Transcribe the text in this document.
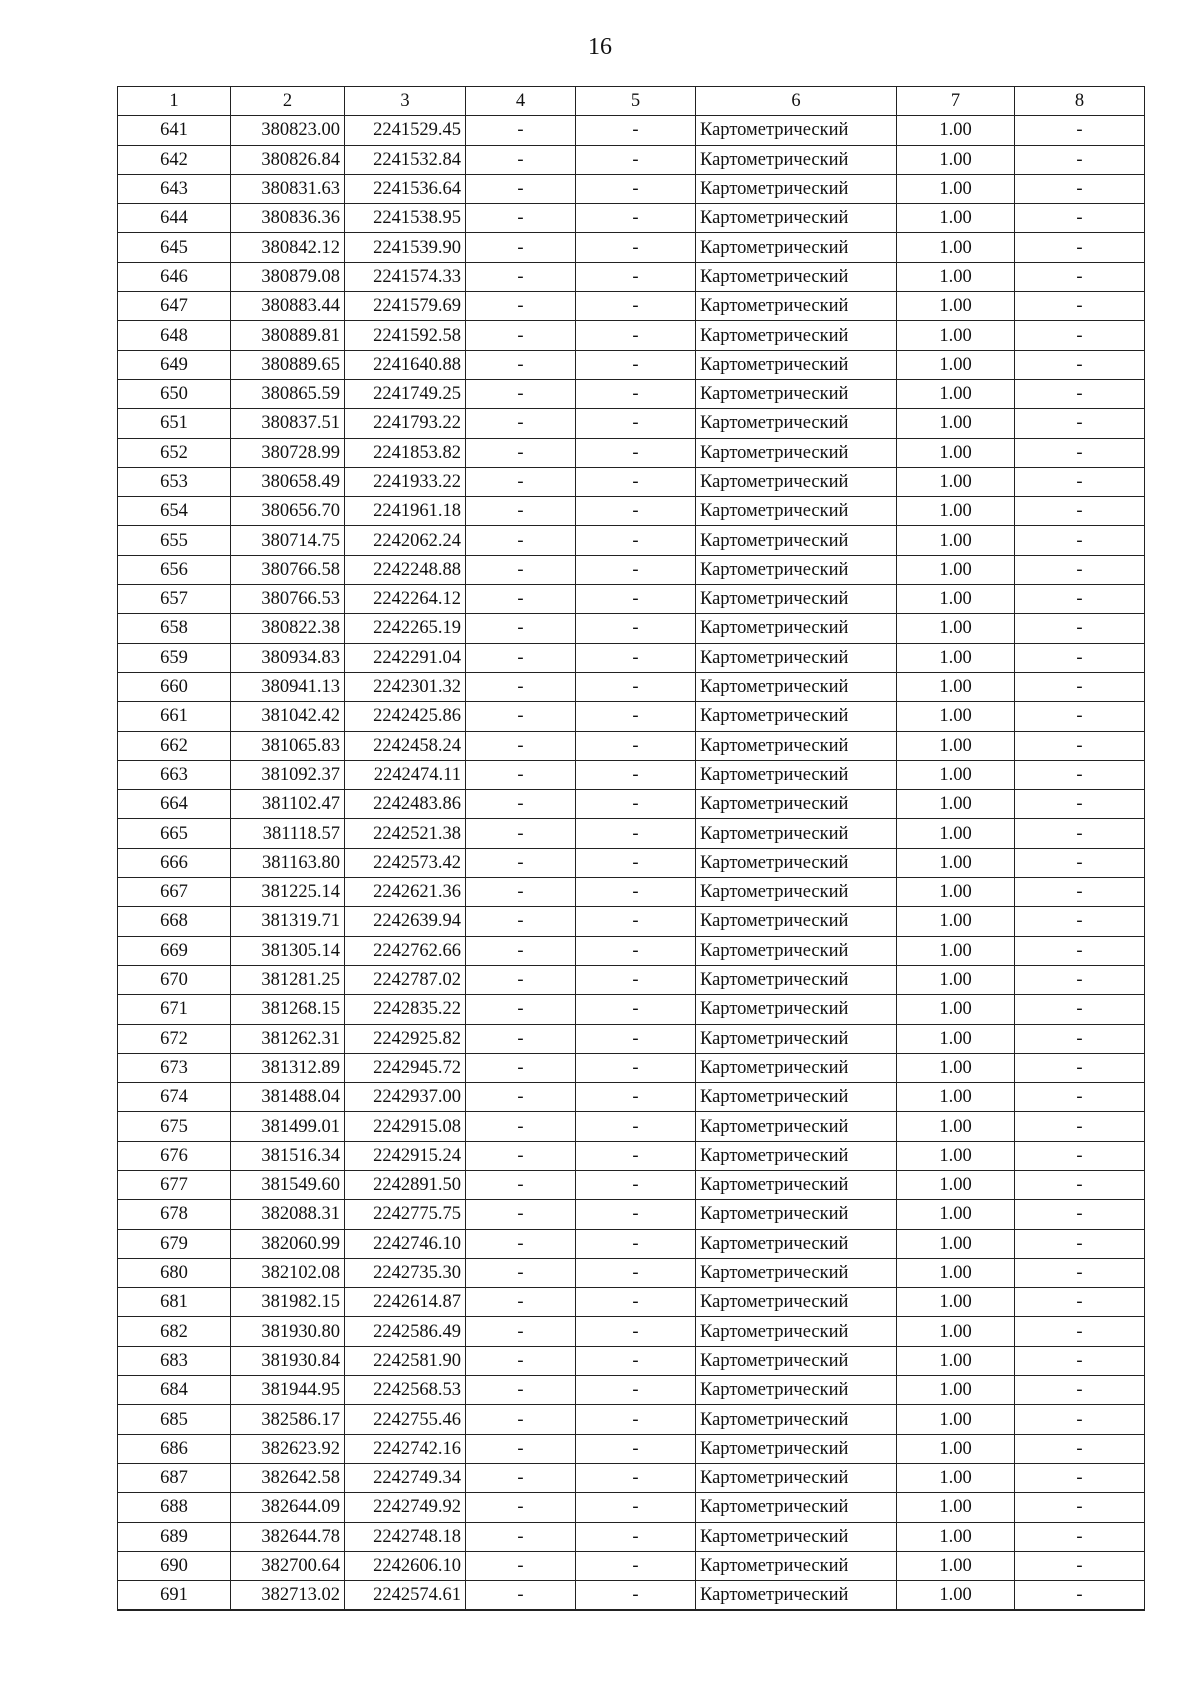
16
1	2	3	4	5	6	7	8
641	380823.00	2241529.45	-	-	Картометрический	1.00	-
642	380826.84	2241532.84	-	-	Картометрический	1.00	-
643	380831.63	2241536.64	-	-	Картометрический	1.00	-
644	380836.36	2241538.95	-	-	Картометрический	1.00	-
645	380842.12	2241539.90	-	-	Картометрический	1.00	-
646	380879.08	2241574.33	-	-	Картометрический	1.00	-
647	380883.44	2241579.69	-	-	Картометрический	1.00	-
648	380889.81	2241592.58	-	-	Картометрический	1.00	-
649	380889.65	2241640.88	-	-	Картометрический	1.00	-
650	380865.59	2241749.25	-	-	Картометрический	1.00	-
651	380837.51	2241793.22	-	-	Картометрический	1.00	-
652	380728.99	2241853.82	-	-	Картометрический	1.00	-
653	380658.49	2241933.22	-	-	Картометрический	1.00	-
654	380656.70	2241961.18	-	-	Картометрический	1.00	-
655	380714.75	2242062.24	-	-	Картометрический	1.00	-
656	380766.58	2242248.88	-	-	Картометрический	1.00	-
657	380766.53	2242264.12	-	-	Картометрический	1.00	-
658	380822.38	2242265.19	-	-	Картометрический	1.00	-
659	380934.83	2242291.04	-	-	Картометрический	1.00	-
660	380941.13	2242301.32	-	-	Картометрический	1.00	-
661	381042.42	2242425.86	-	-	Картометрический	1.00	-
662	381065.83	2242458.24	-	-	Картометрический	1.00	-
663	381092.37	2242474.11	-	-	Картометрический	1.00	-
664	381102.47	2242483.86	-	-	Картометрический	1.00	-
665	381118.57	2242521.38	-	-	Картометрический	1.00	-
666	381163.80	2242573.42	-	-	Картометрический	1.00	-
667	381225.14	2242621.36	-	-	Картометрический	1.00	-
668	381319.71	2242639.94	-	-	Картометрический	1.00	-
669	381305.14	2242762.66	-	-	Картометрический	1.00	-
670	381281.25	2242787.02	-	-	Картометрический	1.00	-
671	381268.15	2242835.22	-	-	Картометрический	1.00	-
672	381262.31	2242925.82	-	-	Картометрический	1.00	-
673	381312.89	2242945.72	-	-	Картометрический	1.00	-
674	381488.04	2242937.00	-	-	Картометрический	1.00	-
675	381499.01	2242915.08	-	-	Картометрический	1.00	-
676	381516.34	2242915.24	-	-	Картометрический	1.00	-
677	381549.60	2242891.50	-	-	Картометрический	1.00	-
678	382088.31	2242775.75	-	-	Картометрический	1.00	-
679	382060.99	2242746.10	-	-	Картометрический	1.00	-
680	382102.08	2242735.30	-	-	Картометрический	1.00	-
681	381982.15	2242614.87	-	-	Картометрический	1.00	-
682	381930.80	2242586.49	-	-	Картометрический	1.00	-
683	381930.84	2242581.90	-	-	Картометрический	1.00	-
684	381944.95	2242568.53	-	-	Картометрический	1.00	-
685	382586.17	2242755.46	-	-	Картометрический	1.00	-
686	382623.92	2242742.16	-	-	Картометрический	1.00	-
687	382642.58	2242749.34	-	-	Картометрический	1.00	-
688	382644.09	2242749.92	-	-	Картометрический	1.00	-
689	382644.78	2242748.18	-	-	Картометрический	1.00	-
690	382700.64	2242606.10	-	-	Картометрический	1.00	-
691	382713.02	2242574.61	-	-	Картометрический	1.00	-
